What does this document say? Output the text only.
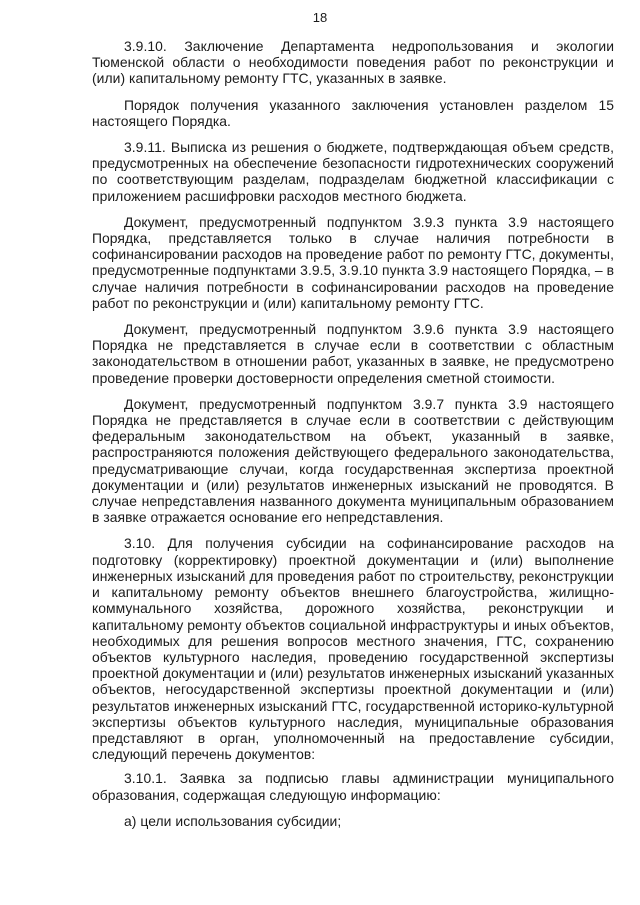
18

3.9.10. Заключение Департамента недропользования и экологии Тюменской области о необходимости поведения работ по реконструкции и (или) капитальному ремонту ГТС, указанных в заявке.

Порядок получения указанного заключения установлен разделом 15 настоящего Порядка.

3.9.11. Выписка из решения о бюджете, подтверждающая объем средств, предусмотренных на обеспечение безопасности гидротехнических сооружений по соответствующим разделам, подразделам бюджетной классификации с приложением расшифровки расходов местного бюджета.

Документ, предусмотренный подпунктом 3.9.3 пункта 3.9 настоящего Порядка, представляется только в случае наличия потребности в софинансировании расходов на проведение работ по ремонту ГТС, документы, предусмотренные подпунктами 3.9.5, 3.9.10 пункта 3.9 настоящего Порядка, – в случае наличия потребности в софинансировании расходов на проведение работ по реконструкции и (или) капитальному ремонту ГТС.

Документ, предусмотренный подпунктом 3.9.6 пункта 3.9 настоящего Порядка не представляется в случае если в соответствии с областным законодательством в отношении работ, указанных в заявке, не предусмотрено проведение проверки достоверности определения сметной стоимости.

Документ, предусмотренный подпунктом 3.9.7 пункта 3.9 настоящего Порядка не представляется в случае если в соответствии с действующим федеральным законодательством на объект, указанный в заявке, распространяются положения действующего федерального законодательства, предусматривающие случаи, когда государственная экспертиза проектной документации и (или) результатов инженерных изысканий не проводятся. В случае непредставления названного документа муниципальным образованием в заявке отражается основание его непредставления.

3.10. Для получения субсидии на софинансирование расходов на подготовку (корректировку) проектной документации и (или) выполнение инженерных изысканий для проведения работ по строительству, реконструкции и капитальному ремонту объектов внешнего благоустройства, жилищно-коммунального хозяйства, дорожного хозяйства, реконструкции и капитальному ремонту объектов социальной инфраструктуры и иных объектов, необходимых для решения вопросов местного значения, ГТС, сохранению объектов культурного наследия, проведению государственной экспертизы проектной документации и (или) результатов инженерных изысканий указанных объектов, негосударственной экспертизы проектной документации и (или) результатов инженерных изысканий ГТС, государственной историко-культурной экспертизы объектов культурного наследия, муниципальные образования представляют в орган, уполномоченный на предоставление субсидии, следующий перечень документов:

3.10.1. Заявка за подписью главы администрации муниципального образования, содержащая следующую информацию:

а) цели использования субсидии;
